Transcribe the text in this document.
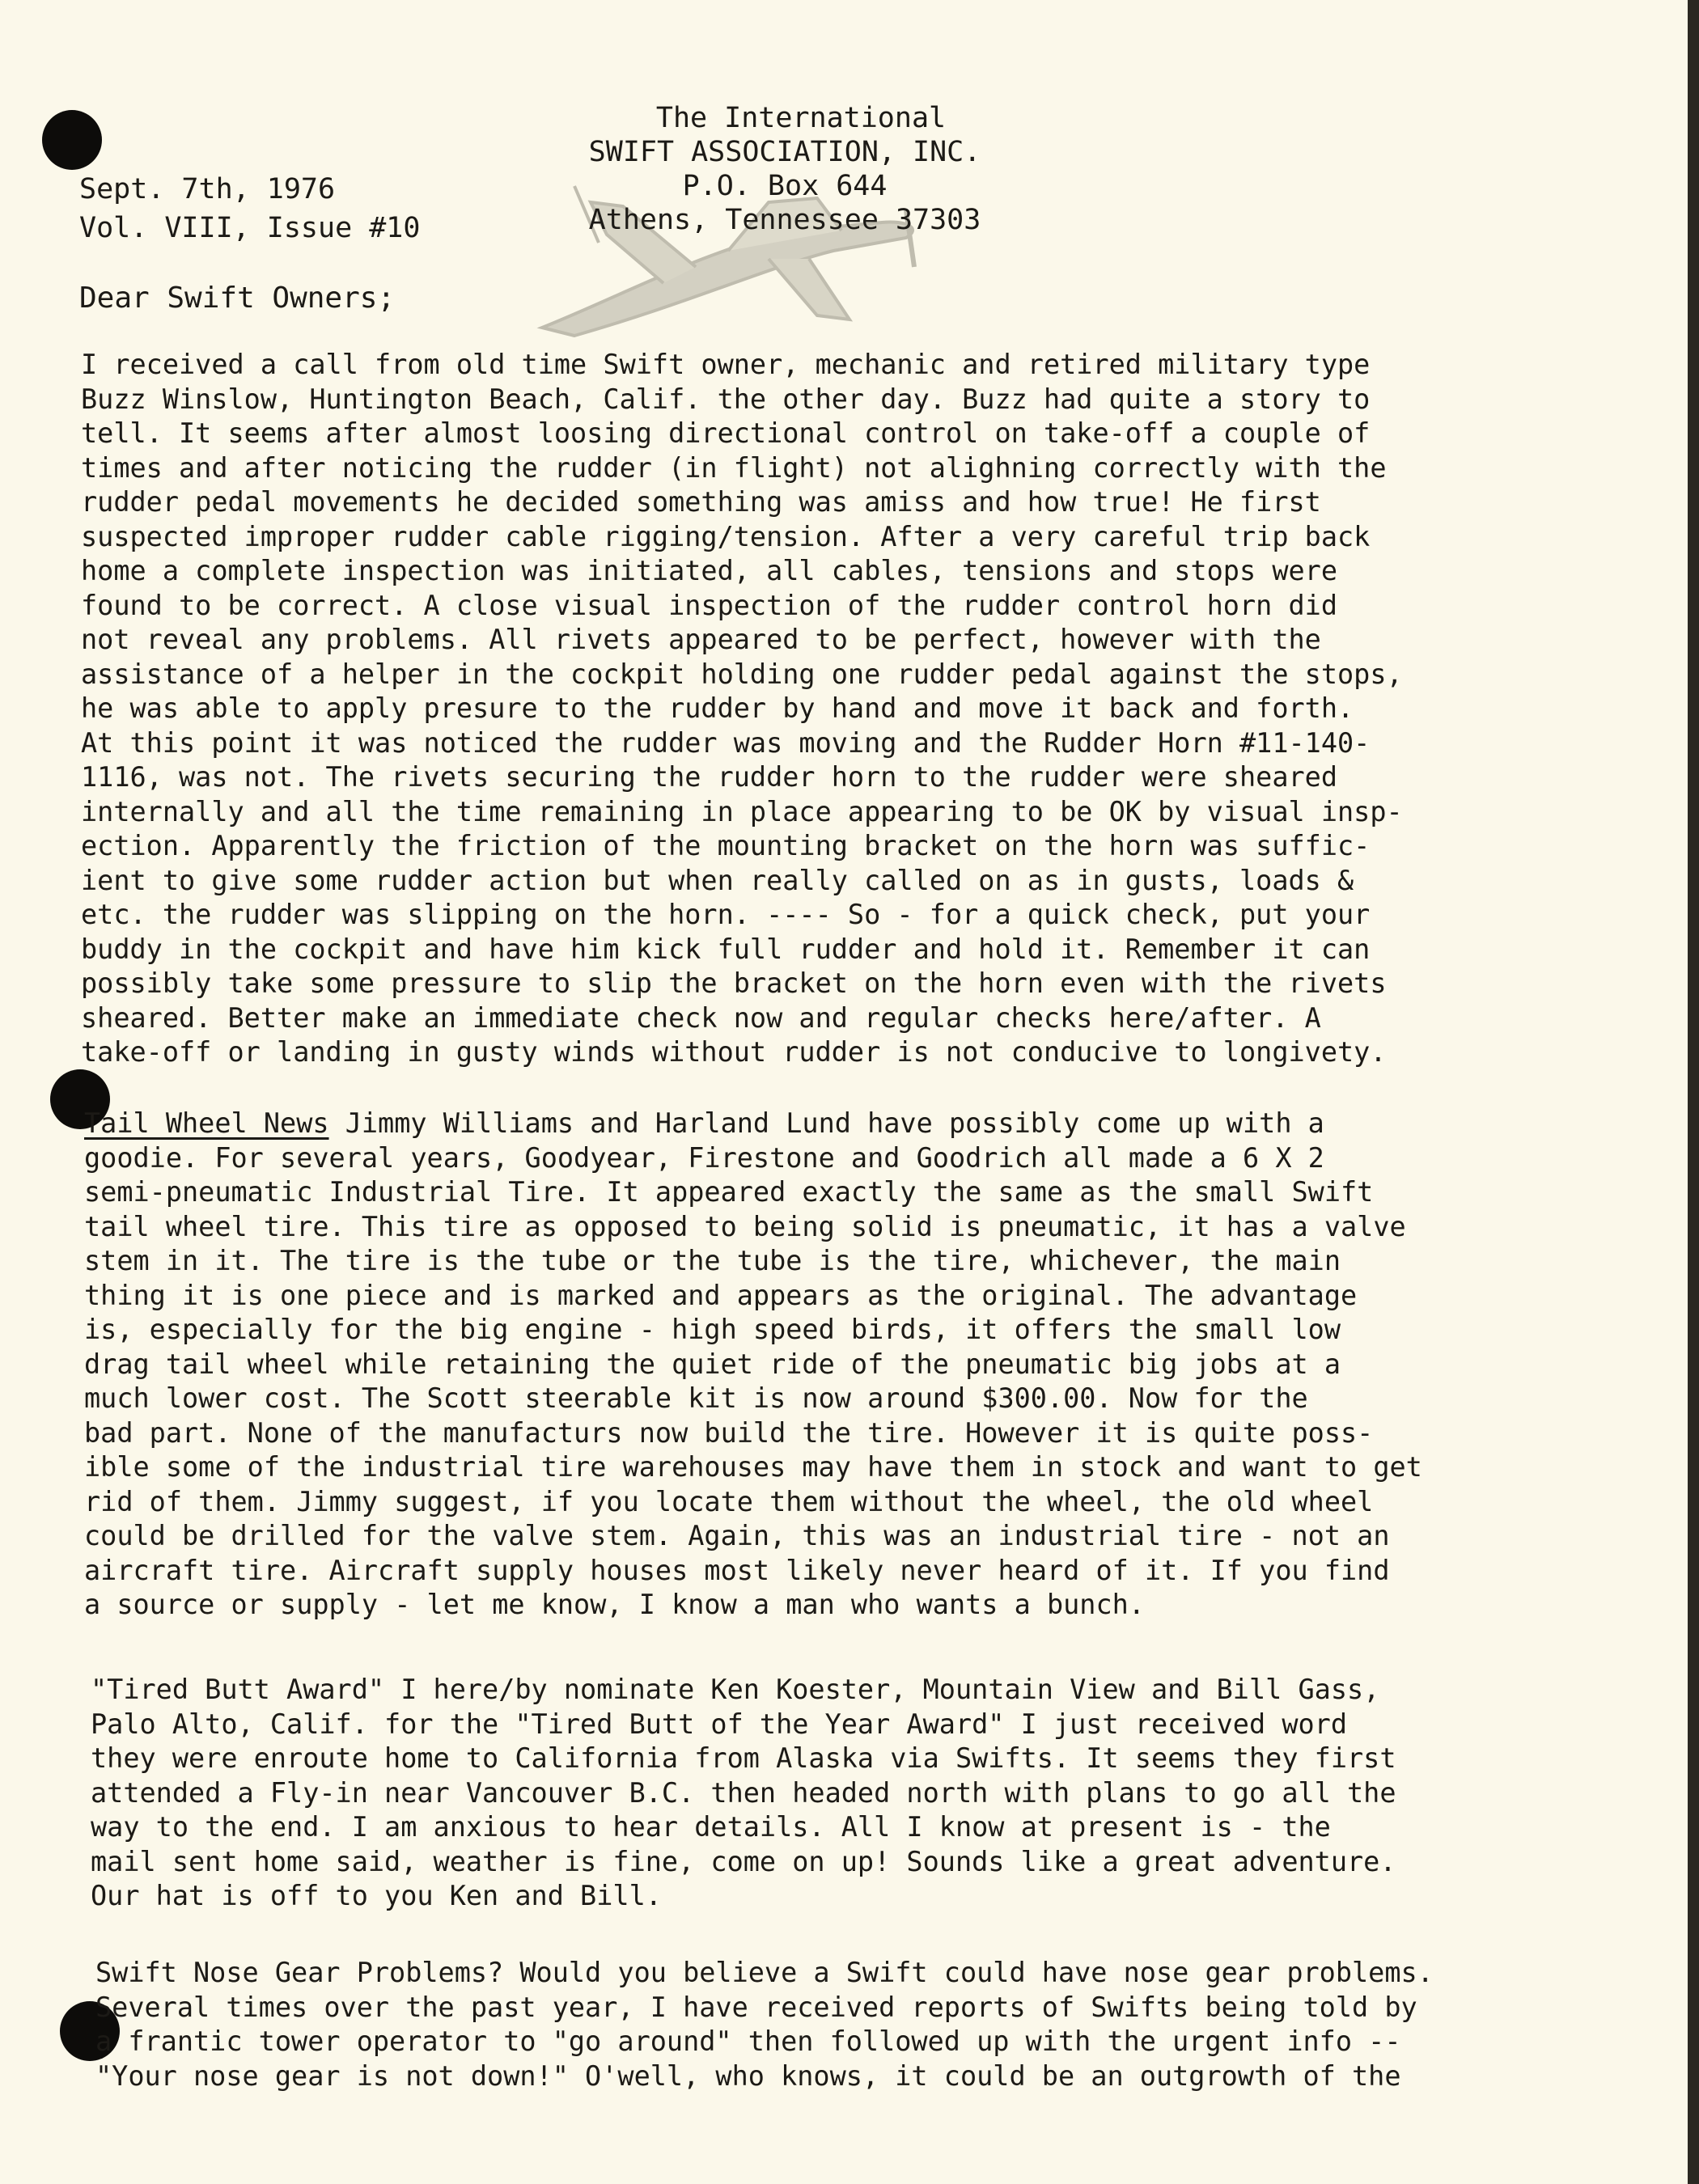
The International
SWIFT ASSOCIATION, INC.
P.O. Box 644
Athens, Tennessee 37303
Sept. 7th, 1976
Vol. VIII, Issue #10
Dear Swift Owners;
I received a call from old time Swift owner, mechanic and retired military type
Buzz Winslow, Huntington Beach, Calif. the other day. Buzz had quite a story to
tell. It seems after almost loosing directional control on take-off a couple of
times and after noticing the rudder (in flight) not alighning correctly with the
rudder pedal movements he decided something was amiss and how true! He first
suspected improper rudder cable rigging/tension. After a very careful trip back
home a complete inspection was initiated, all cables, tensions and stops were
found to be correct. A close visual inspection of the rudder control horn did
not reveal any problems. All rivets appeared to be perfect, however with the
assistance of a helper in the cockpit holding one rudder pedal against the stops,
he was able to apply presure to the rudder by hand and move it back and forth.
At this point it was noticed the rudder was moving and the Rudder Horn #11-140-
1116, was not. The rivets securing the rudder horn to the rudder were sheared
internally and all the time remaining in place appearing to be OK by visual insp-
ection. Apparently the friction of the mounting bracket on the horn was suffic-
ient to give some rudder action but when really called on as in gusts, loads &
etc. the rudder was slipping on the horn. ---- So - for a quick check, put your
buddy in the cockpit and have him kick full rudder and hold it. Remember it can
possibly take some pressure to slip the bracket on the horn even with the rivets
sheared. Better make an immediate check now and regular checks here/after. A
take-off or landing in gusty winds without rudder is not conducive to longivety.
Tail Wheel News Jimmy Williams and Harland Lund have possibly come up with a
goodie. For several years, Goodyear, Firestone and Goodrich all made a 6 X 2
semi-pneumatic Industrial Tire. It appeared exactly the same as the small Swift
tail wheel tire. This tire as opposed to being solid is pneumatic, it has a valve
stem in it. The tire is the tube or the tube is the tire, whichever, the main
thing it is one piece and is marked and appears as the original. The advantage
is, especially for the big engine - high speed birds, it offers the small low
drag tail wheel while retaining the quiet ride of the pneumatic big jobs at a
much lower cost. The Scott steerable kit is now around $300.00. Now for the
bad part. None of the manufacturs now build the tire. However it is quite poss-
ible some of the industrial tire warehouses may have them in stock and want to get
rid of them. Jimmy suggest, if you locate them without the wheel, the old wheel
could be drilled for the valve stem. Again, this was an industrial tire - not an
aircraft tire. Aircraft supply houses most likely never heard of it. If you find
a source or supply - let me know, I know a man who wants a bunch.
"Tired Butt Award" I here/by nominate Ken Koester, Mountain View and Bill Gass,
Palo Alto, Calif. for the "Tired Butt of the Year Award" I just received word
they were enroute home to California from Alaska via Swifts. It seems they first
attended a Fly-in near Vancouver B.C. then headed north with plans to go all the
way to the end. I am anxious to hear details. All I know at present is - the
mail sent home said, weather is fine, come on up! Sounds like a great adventure.
Our hat is off to you Ken and Bill.
Swift Nose Gear Problems? Would you believe a Swift could have nose gear problems.
Several times over the past year, I have received reports of Swifts being told by
a frantic tower operator to "go around" then followed up with the urgent info --
"Your nose gear is not down!" O'well, who knows, it could be an outgrowth of the
